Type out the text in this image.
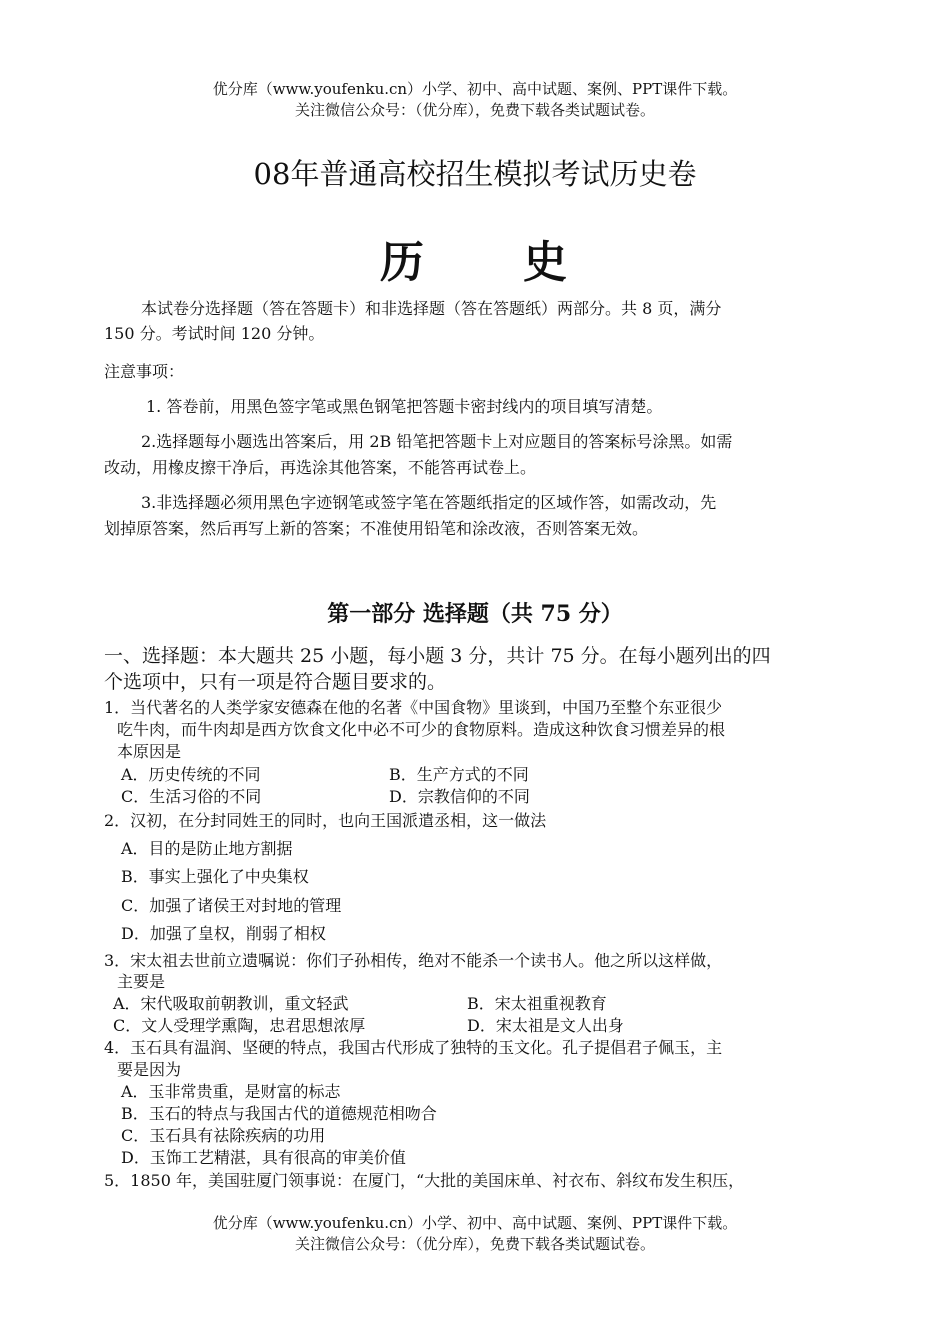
优分库（www.youfenku.cn）小学、初中、高中试题、案例、PPT课件下载。
关注微信公众号：（优分库），免费下载各类试题试卷。
08年普通高校招生模拟考试历史卷
历 史
本试卷分选择题（答在答题卡）和非选择题（答在答题纸）两部分。共 8 页，满分
150 分。考试时间 120 分钟。
注意事项：
1. 答卷前，用黑色签字笔或黑色钢笔把答题卡密封线内的项目填写清楚。
2.选择题每小题选出答案后，用 2B 铅笔把答题卡上对应题目的答案标号涂黑。如需
改动，用橡皮擦干净后，再选涂其他答案，不能答再试卷上。
3.非选择题必须用黑色字迹钢笔或签字笔在答题纸指定的区域作答，如需改动，先
划掉原答案，然后再写上新的答案；不准使用铅笔和涂改液，否则答案无效。
第一部分 选择题（共 75 分）
一、选择题：本大题共 25 小题，每小题 3 分，共计 75 分。在每小题列出的四
个选项中，只有一项是符合题目要求的。
1．当代著名的人类学家安德森在他的名著《中国食物》里谈到，中国乃至整个东亚很少
吃牛肉，而牛肉却是西方饮食文化中必不可少的食物原料。造成这种饮食习惯差异的根
本原因是
A．历史传统的不同	B．生产方式的不同
C．生活习俗的不同	D．宗教信仰的不同
2．汉初，在分封同姓王的同时，也向王国派遣丞相，这一做法
A．目的是防止地方割据
B．事实上强化了中央集权
C．加强了诸侯王对封地的管理
D．加强了皇权，削弱了相权
3．宋太祖去世前立遗嘱说：你们子孙相传，绝对不能杀一个读书人。他之所以这样做，
主要是
A．宋代吸取前朝教训，重文轻武	B．宋太祖重视教育
C．文人受理学熏陶，忠君思想浓厚	D．宋太祖是文人出身
4．玉石具有温润、坚硬的特点，我国古代形成了独特的玉文化。孔子提倡君子佩玉，主
要是因为
A．玉非常贵重，是财富的标志
B．玉石的特点与我国古代的道德规范相吻合
C．玉石具有祛除疾病的功用
D．玉饰工艺精湛，具有很高的审美价值
5．1850 年，美国驻厦门领事说：在厦门，“大批的美国床单、衬衣布、斜纹布发生积压，
优分库（www.youfenku.cn）小学、初中、高中试题、案例、PPT课件下载。
关注微信公众号：（优分库），免费下载各类试题试卷。
